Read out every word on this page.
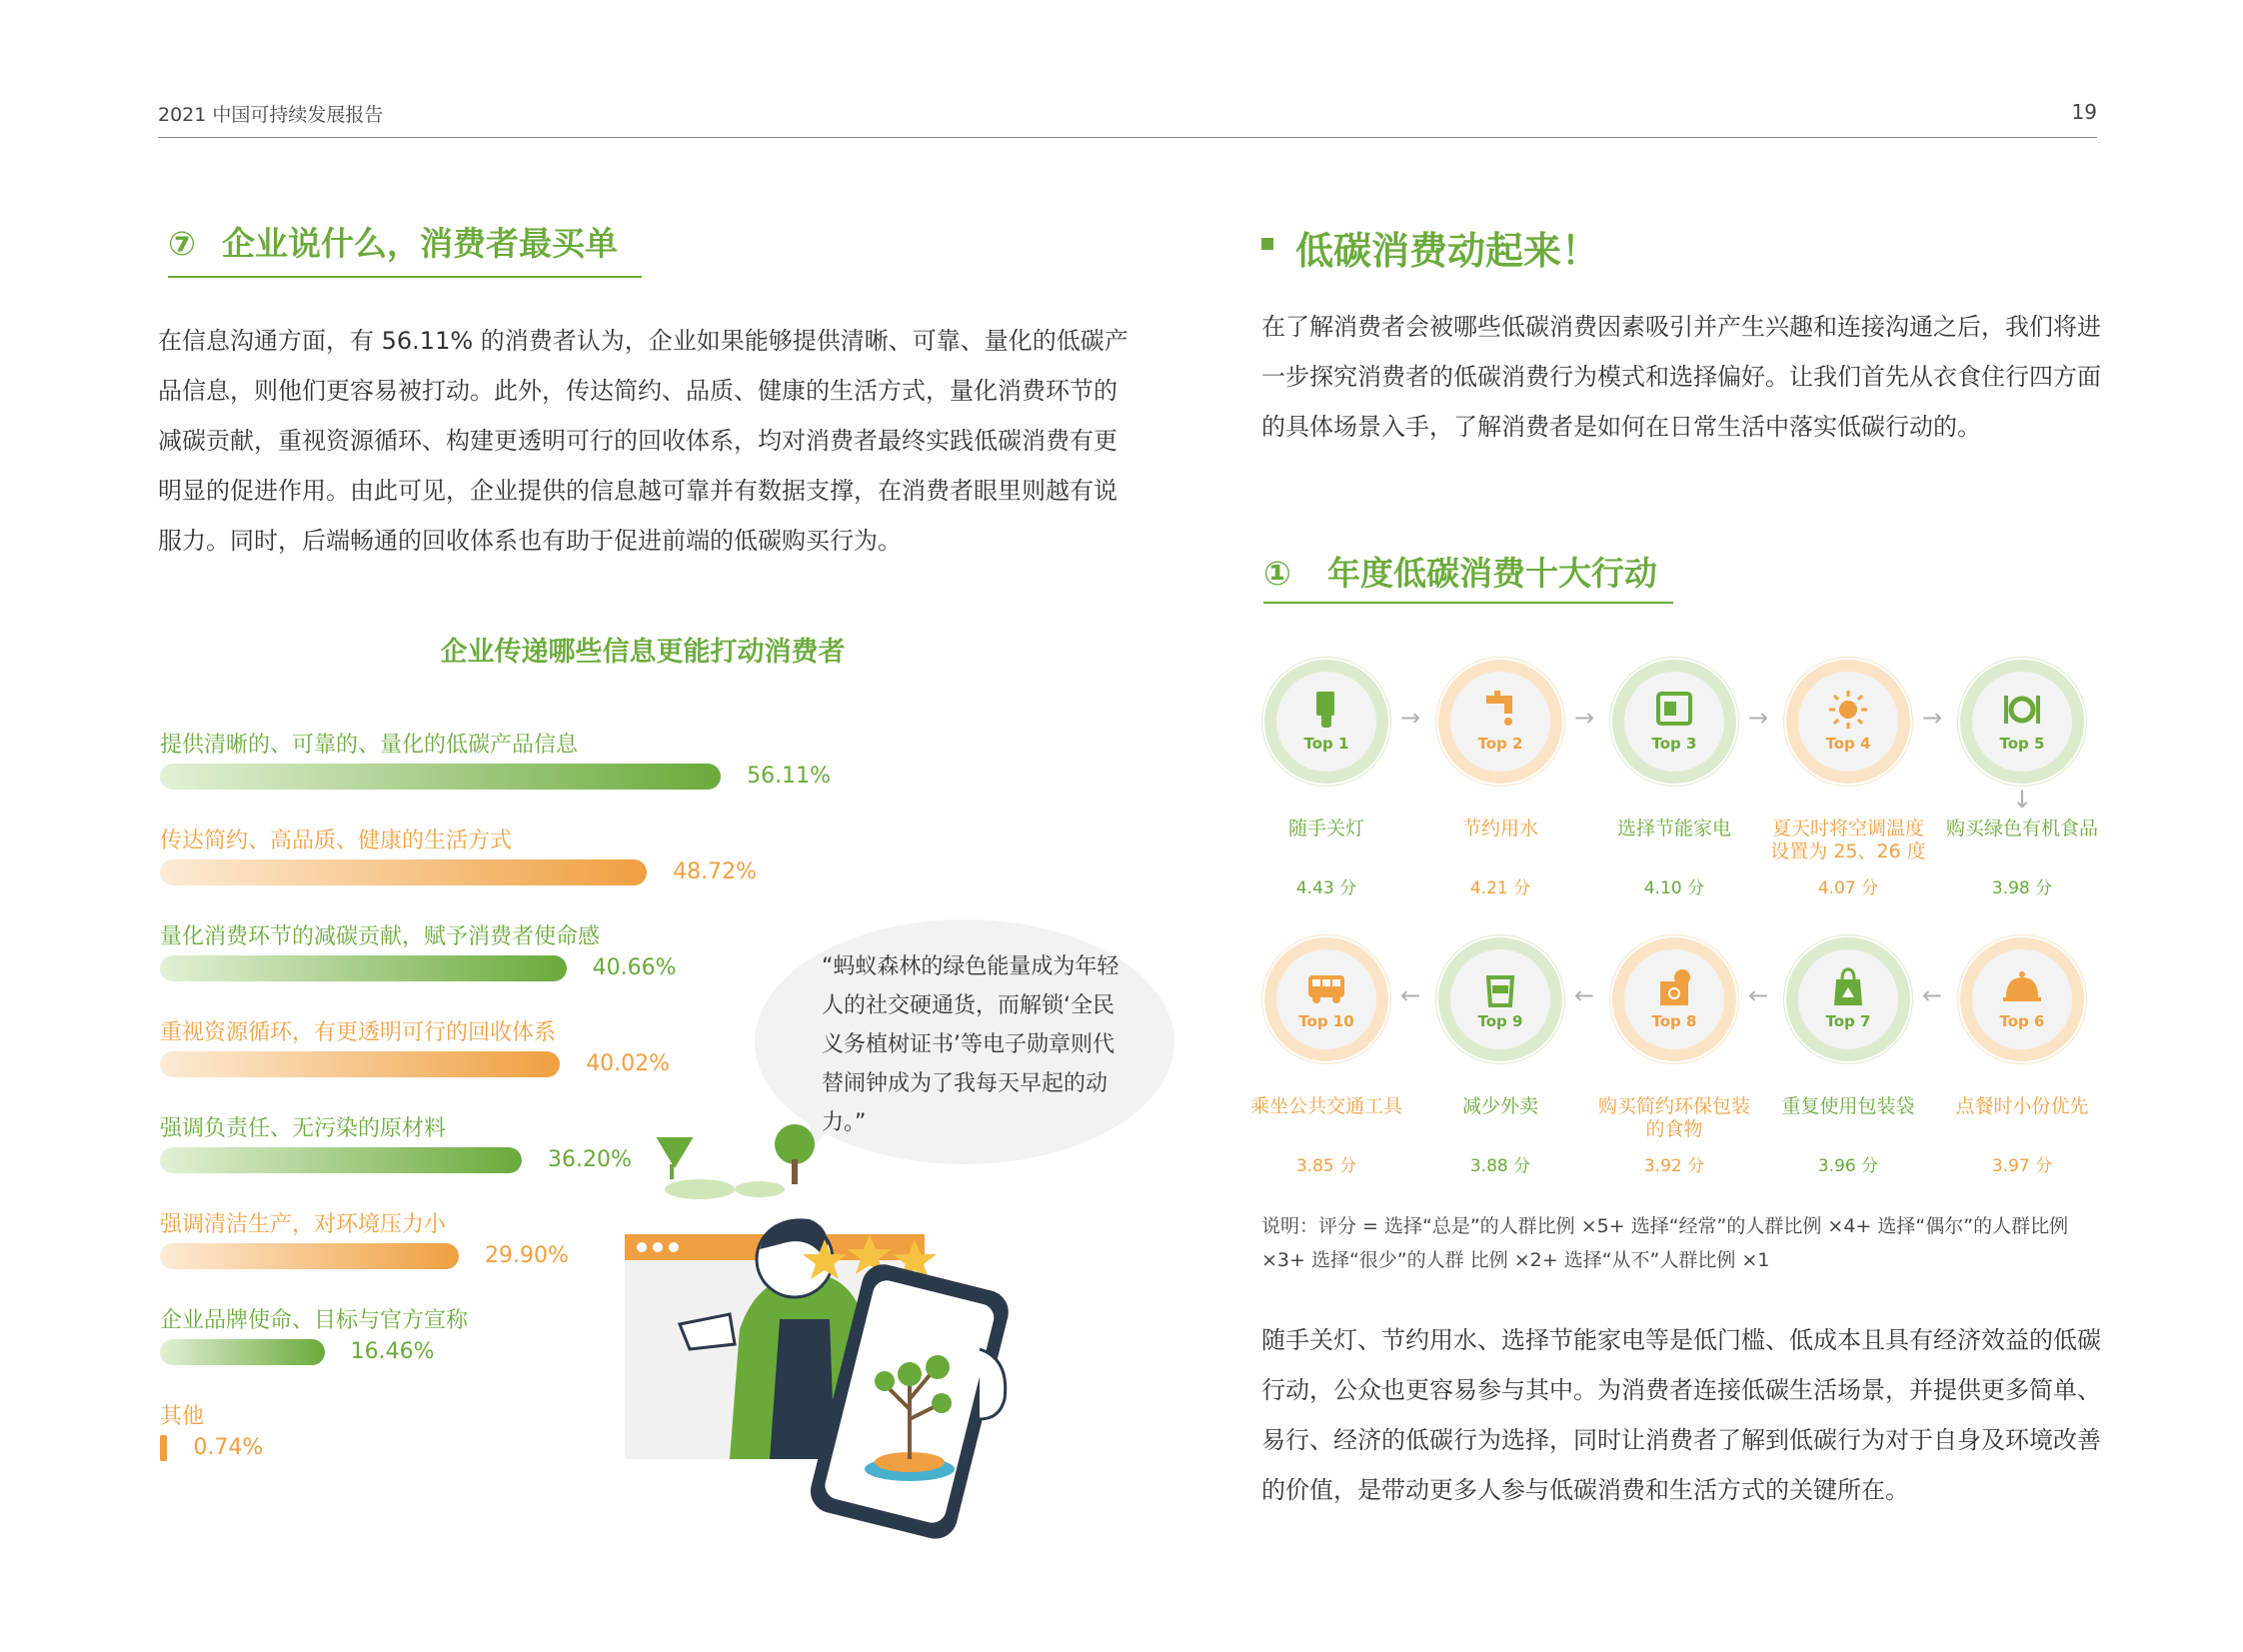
2021 中国可持续发展报告	19
⑦ 企业说什么，消费者最买单
在信息沟通方面，有 56.11% 的消费者认为，企业如果能够提供清晰、可靠、量化的低碳产品信息，则他们更容易被打动。此外，传达简约、品质、健康的生活方式，量化消费环节的减碳贡献，重视资源循环、构建更透明可行的回收体系，均对消费者最终实践低碳消费有更明显的促进作用。由此可见，企业提供的信息越可靠并有数据支撑，在消费者眼里则越有说服力。同时，后端畅通的回收体系也有助于促进前端的低碳购买行为。
企业传递哪些信息更能打动消费者
提供清晰的、可靠的、量化的低碳产品信息
56.11%
传达简约、高品质、健康的生活方式
48.72%
量化消费环节的减碳贡献，赋予消费者使命感
40.66%
重视资源循环，有更透明可行的回收体系
40.02%
强调负责任、无污染的原材料
36.20%
强调清洁生产，对环境压力小
29.90%
企业品牌使命、目标与官方宣称
16.46%
其他
0.74%
“蚂蚁森林的绿色能量成为年轻人的社交硬通货，而解锁‘全民义务植树证书’等电子勋章则代替闹钟成为了我每天早起的动力。”
低碳消费动起来！
在了解消费者会被哪些低碳消费因素吸引并产生兴趣和连接沟通之后，我们将进一步探究消费者的低碳消费行为模式和选择偏好。让我们首先从衣食住行四方面的具体场景入手，了解消费者是如何在日常生活中落实低碳行动的。
① 年度低碳消费十大行动
Top 1
随手关灯
4.43 分
→
Top 2
节约用水
4.21 分
→
Top 3
选择节能家电
4.10 分
→
Top 4
夏天时将空调温度设置为 25、26 度
4.07 分
→
Top 5
购买绿色有机食品
3.98 分
Top 10
乘坐公共交通工具
3.85 分
←
Top 9
减少外卖
3.88 分
←
Top 8
购买简约环保包装的食物
3.92 分
←
Top 7
重复使用包装袋
3.96 分
←
Top 6
点餐时小份优先
3.97 分
↓
说明：评分 = 选择“总是”的人群比例 ×5+ 选择“经常”的人群比例 ×4+ 选择“偶尔”的人群比例 ×3+ 选择“很少”的人群 比例 ×2+ 选择“从不”人群比例 ×1
随手关灯、节约用水、选择节能家电等是低门槛、低成本且具有经济效益的低碳行动，公众也更容易参与其中。为消费者连接低碳生活场景，并提供更多简单、易行、经济的低碳行为选择，同时让消费者了解到低碳行为对于自身及环境改善的价值，是带动更多人参与低碳消费和生活方式的关键所在。
